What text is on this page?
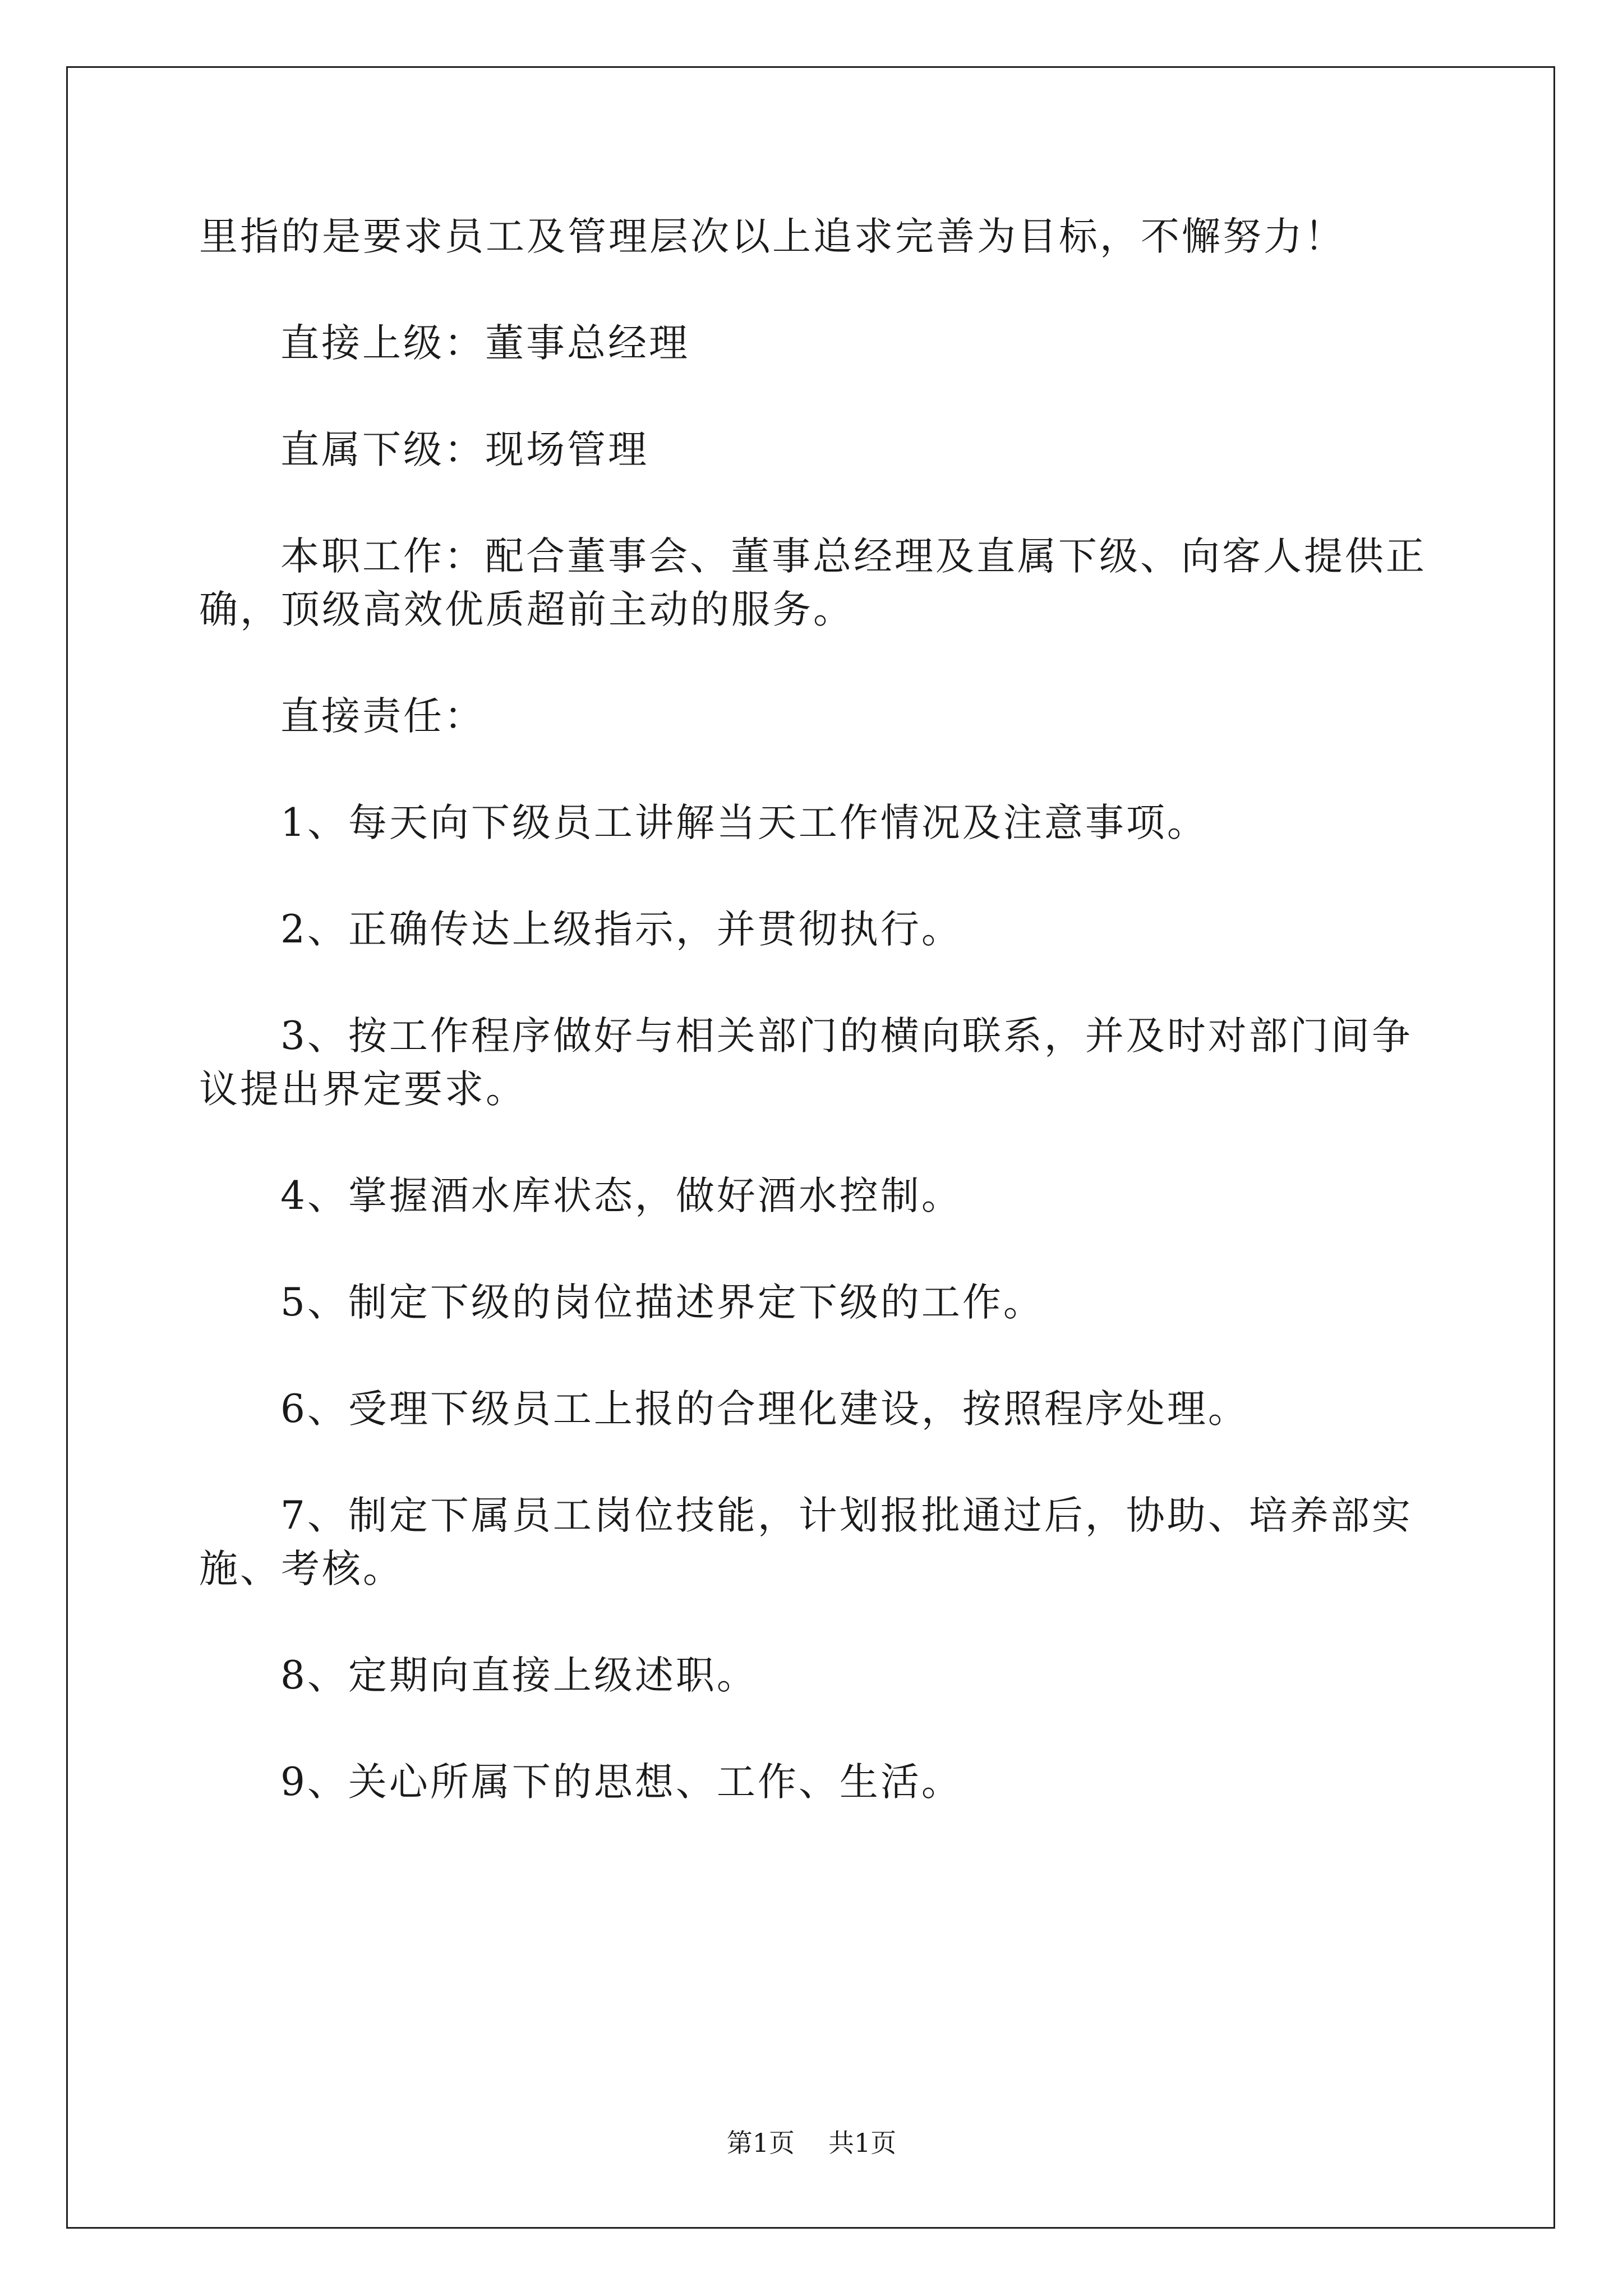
里指的是要求员工及管理层次以上追求完善为目标，不懈努力！

直接上级：董事总经理

直属下级：现场管理

本职工作：配合董事会、董事总经理及直属下级、向客人提供正确，顶级高效优质超前主动的服务。

直接责任：

1、每天向下级员工讲解当天工作情况及注意事项。

2、正确传达上级指示，并贯彻执行。

3、按工作程序做好与相关部门的横向联系，并及时对部门间争议提出界定要求。

4、掌握酒水库状态，做好酒水控制。

5、制定下级的岗位描述界定下级的工作。

6、受理下级员工上报的合理化建设，按照程序处理。

7、制定下属员工岗位技能，计划报批通过后，协助、培养部实施、考核。

8、定期向直接上级述职。

9、关心所属下的思想、工作、生活。

第1页 共1页
